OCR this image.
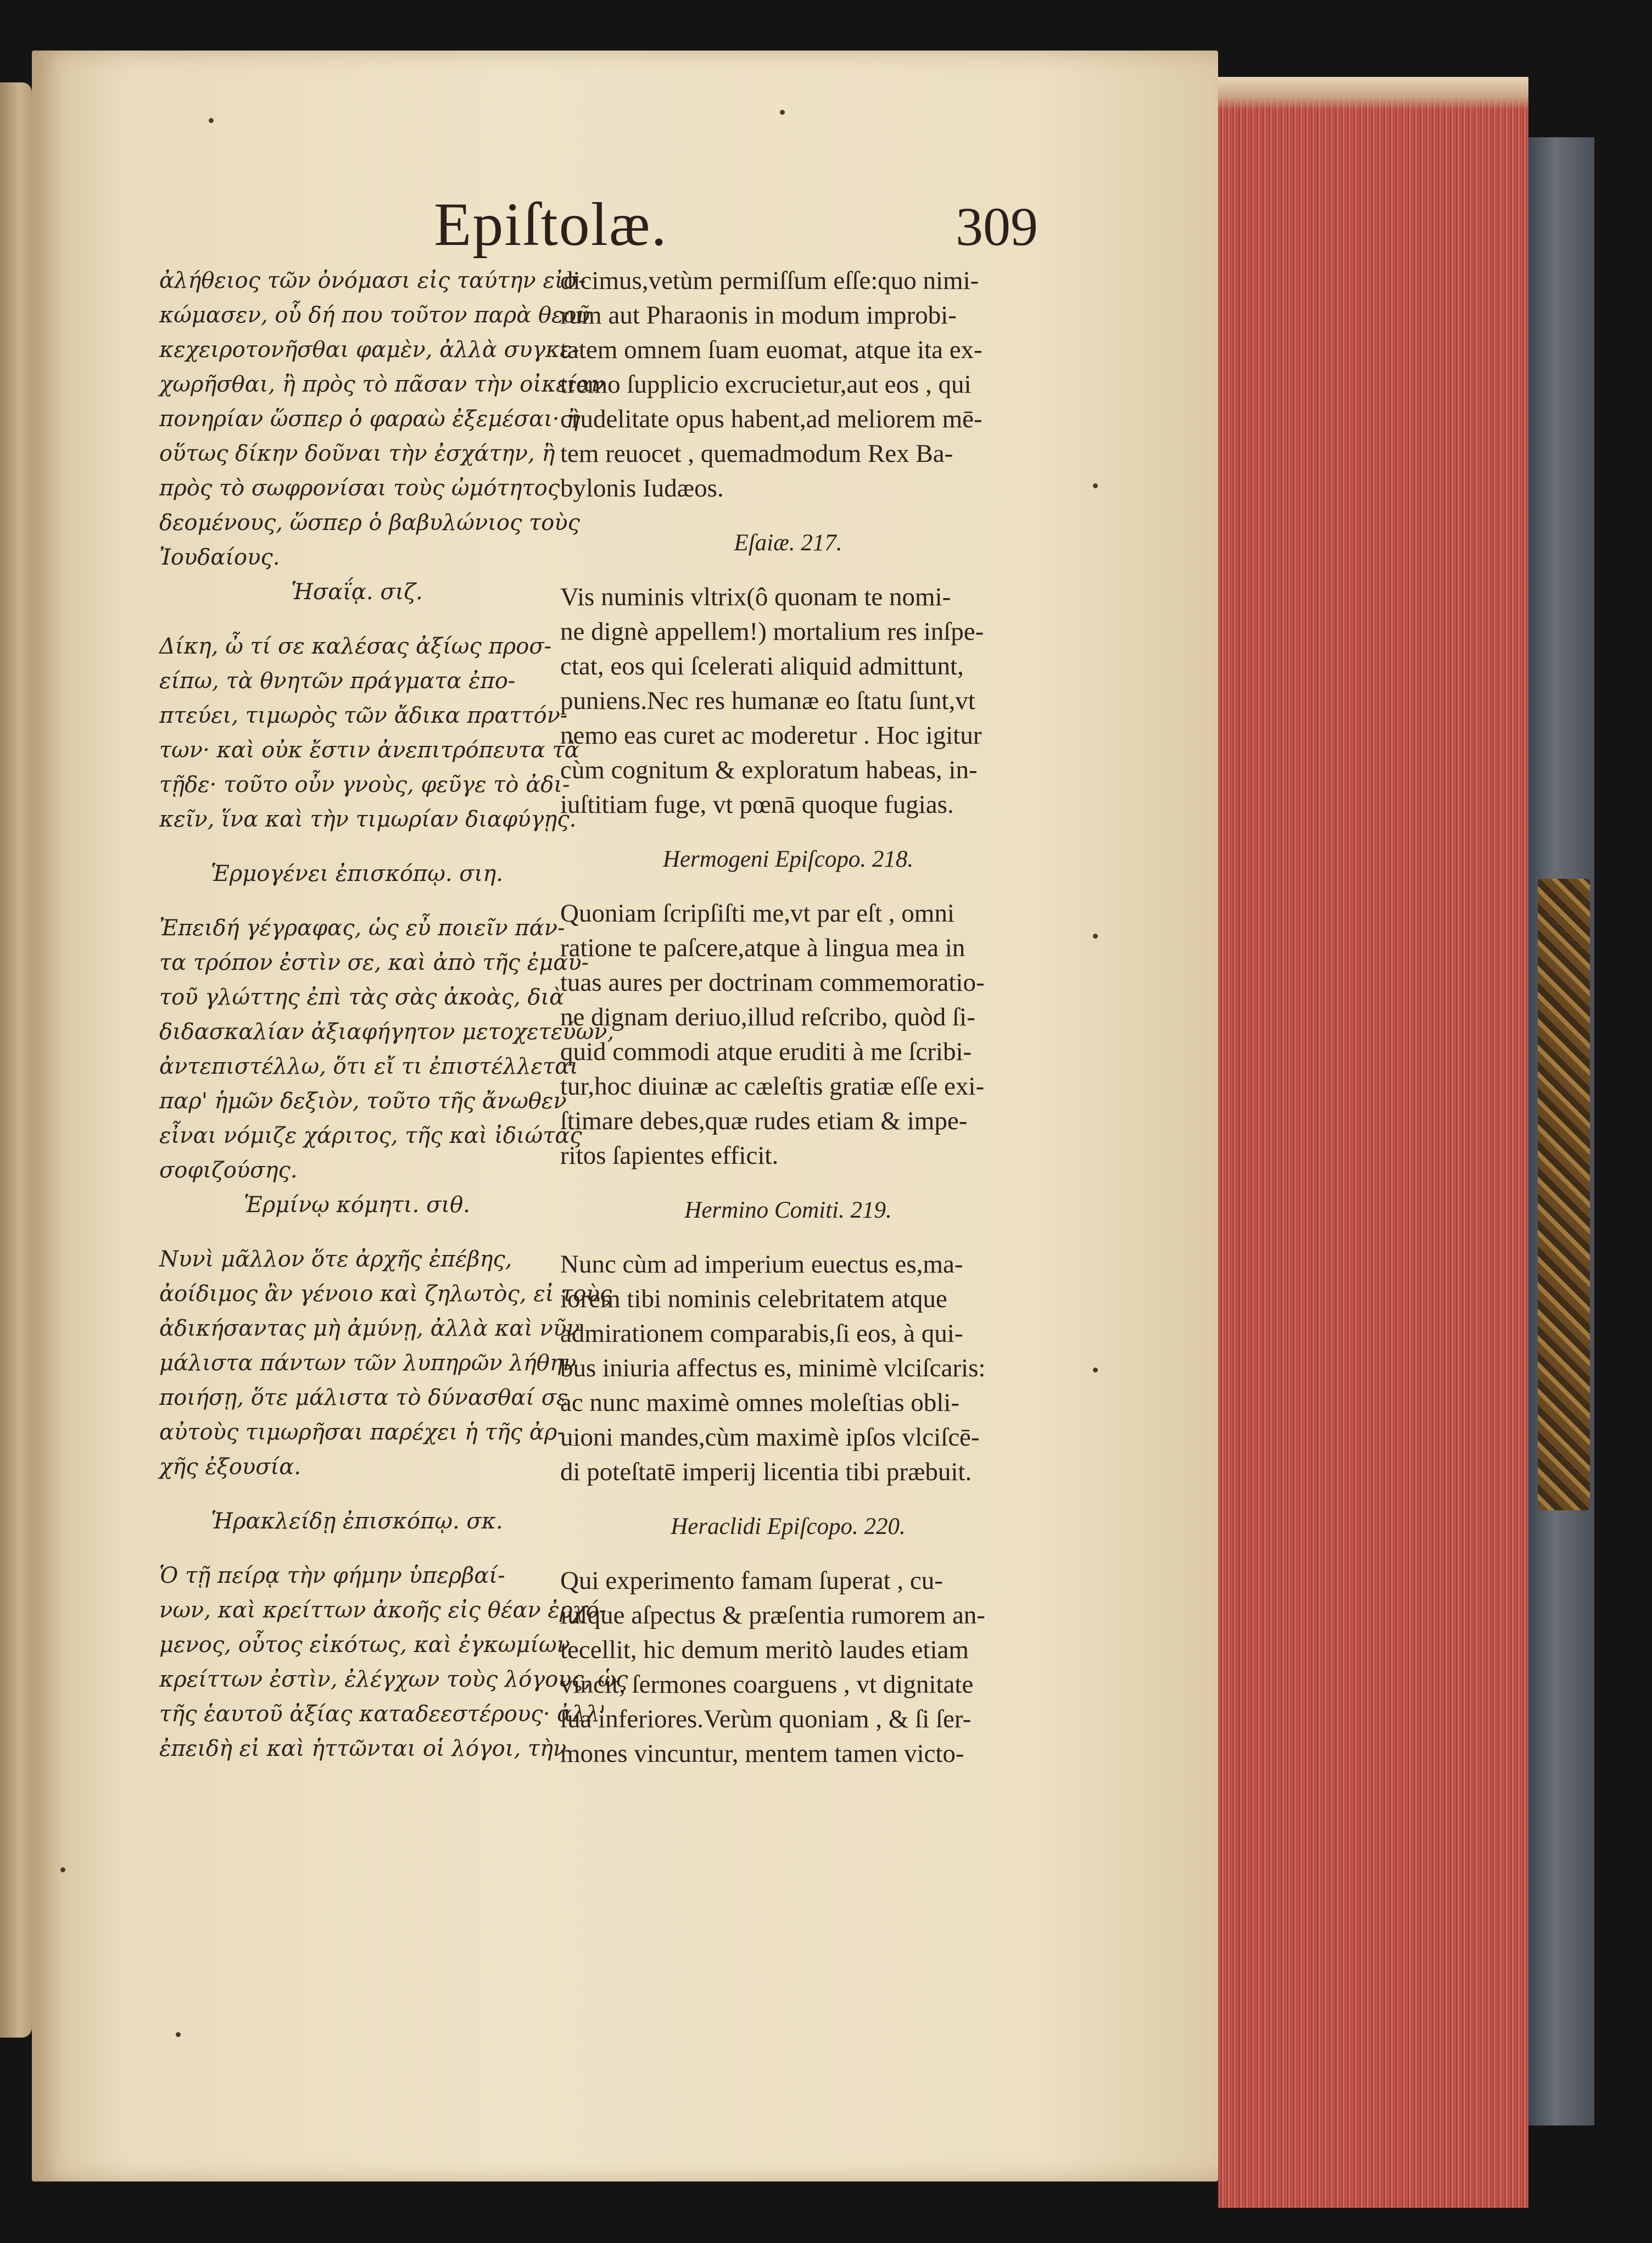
Epiſtolæ.	309
ἀλήθειος τῶν ὀνόμασι εἰς ταύτην εἰσ-
κώμασεν, οὗ δή που τοῦτον παρὰ θεοῦ
κεχειροτονῆσθαι φαμὲν, ἀλλὰ συγκε-
χωρῆσθαι, ἢ πρὸς τὸ πᾶσαν τὴν οἰκείαν
πονηρίαν ὥσπερ ὁ φαραὼ ἐξεμέσαι· ἢ
οὕτως δίκην δοῦναι τὴν ἐσχάτην, ἢ
πρὸς τὸ σωφρονίσαι τοὺς ὠμότητος
δεομένους, ὥσπερ ὁ βαβυλώνιος τοὺς
Ἰουδαίους.
Ἡσαΐᾳ. σιζ.
Δίκη, ὦ τί σε καλέσας ἀξίως προσ-
είπω, τὰ θνητῶν πράγματα ἐπο-
πτεύει, τιμωρὸς τῶν ἄδικα πραττόν-
των· καὶ οὐκ ἔστιν ἀνεπιτρόπευτα τὰ
τῇδε· τοῦτο οὖν γνοὺς, φεῦγε τὸ ἀδι-
κεῖν, ἵνα καὶ τὴν τιμωρίαν διαφύγῃς.
Ἑρμογένει ἐπισκόπῳ. σιη.
Ἐπειδή γέγραφας, ὡς εὖ ποιεῖν πάν-
τα τρόπον ἐστὶν σε, καὶ ἀπὸ τῆς ἐμαυ-
τοῦ γλώττης ἐπὶ τὰς σὰς ἀκοὰς, διὰ
διδασκαλίαν ἀξιαφήγητον μετοχετεύων,
ἀντεπιστέλλω, ὅτι εἴ τι ἐπιστέλλεται
παρ' ἡμῶν δεξιὸν, τοῦτο τῆς ἄνωθεν
εἶναι νόμιζε χάριτος, τῆς καὶ ἰδιώτας
σοφιζούσης.
Ἑρμίνῳ κόμητι. σιθ.
Νυνὶ μᾶλλον ὅτε ἀρχῆς ἐπέβης,
ἀοίδιμος ἂν γένοιο καὶ ζηλωτὸς, εἰ τοὺς
ἀδικήσαντας μὴ ἀμύνῃ, ἀλλὰ καὶ νῦν
μάλιστα πάντων τῶν λυπηρῶν λήθην
ποιήσῃ, ὅτε μάλιστα τὸ δύνασθαί σε
αὐτοὺς τιμωρῆσαι παρέχει ἡ τῆς ἀρ-
χῆς ἐξουσία.
Ἡρακλείδῃ ἐπισκόπῳ. σκ.
Ὁ τῇ πείρᾳ τὴν φήμην ὑπερβαί-
νων, καὶ κρείττων ἀκοῆς εἰς θέαν ἐρχό-
μενος, οὗτος εἰκότως, καὶ ἐγκωμίων
κρείττων ἐστὶν, ἐλέγχων τοὺς λόγους, ὡς
τῆς ἑαυτοῦ ἀξίας καταδεεστέρους· ἀλλ'
ἐπειδὴ εἰ καὶ ἡττῶνται οἱ λόγοι, τὴν
dicimus,vetùm permiſſum eſſe:quo nimi-
rum aut Pharaonis in modum improbi-
tatem omnem ſuam euomat, atque ita ex-
tremo ſupplicio excrucietur,aut eos , qui
crudelitate opus habent,ad meliorem mē-
tem reuocet , quemadmodum Rex Ba-
bylonis Iudæos.
Eſaiæ. 217.
Vis numinis vltrix(ô quonam te nomi-
ne dignè appellem!) mortalium res inſpe-
ctat, eos qui ſcelerati aliquid admittunt,
puniens.Nec res humanæ eo ſtatu ſunt,vt
nemo eas curet ac moderetur . Hoc igitur
cùm cognitum & exploratum habeas, in-
iuſtitiam fuge, vt pœnā quoque fugias.
Hermogeni Epiſcopo. 218.
Quoniam ſcripſiſti me,vt par eſt , omni
ratione te paſcere,atque à lingua mea in
tuas aures per doctrinam commemoratio-
ne dignam deriuo,illud reſcribo, quòd ſi-
quid commodi atque eruditi à me ſcribi-
tur,hoc diuinæ ac cæleſtis gratiæ eſſe exi-
ſtimare debes,quæ rudes etiam & impe-
ritos ſapientes efficit.
Hermino Comiti. 219.
Nunc cùm ad imperium euectus es,ma-
iorem tibi nominis celebritatem atque
admirationem comparabis,ſi eos, à qui-
bus iniuria affectus es, minimè vlciſcaris:
ac nunc maximè omnes moleſtias obli-
uioni mandes,cùm maximè ipſos vlciſcē-
di poteſtatē imperij licentia tibi præbuit.
Heraclidi Epiſcopo. 220.
Qui experimento famam ſuperat , cu-
iuſque aſpectus & præſentia rumorem an-
tecellit, hic demum meritò laudes etiam
vincit, ſermones coarguens , vt dignitate
ſua inferiores.Verùm quoniam , & ſi ſer-
mones vincuntur, mentem tamen victo-
